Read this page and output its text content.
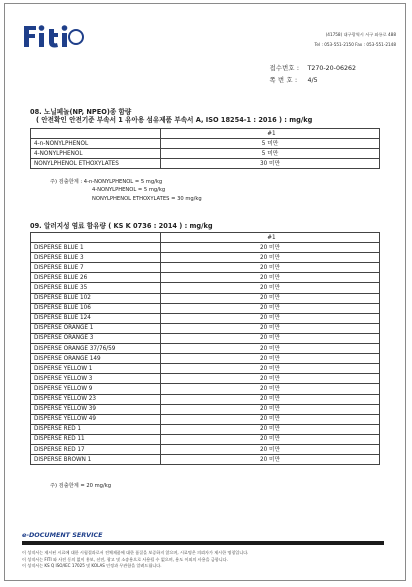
(41758) 대구광역시 서구 와룡로 488
Tel : 053-551-2150 Fax : 053-551-2148
접수번호 :	T270-20-06262
쪽 번 호 :	4/5
08. 노닐페놀(NP, NPEO)종 함량
( 안전확인 안전기준 부속서 1 유아용 섬유제품 부속서 A, ISO 18254-1 : 2016 ) : mg/kg
	#1
4-n-NONYLPHENOL	5 미만
4-NONYLPHENOL	5 미만
NONYLPHENOL ETHOXYLATES	30 미만
주) 검출한계 : 4-n-NONYLPHENOL = 5 mg/kg
4-NONYLPHENOL = 5 mg/kg
NONYLPHENOL ETHOXYLATES = 30 mg/kg
09. 알러지성 염료 함유량 ( KS K 0736 : 2014 ) : mg/kg
	#1
DISPERSE BLUE 1	20 미만
DISPERSE BLUE 3	20 미만
DISPERSE BLUE 7	20 미만
DISPERSE BLUE 26	20 미만
DISPERSE BLUE 35	20 미만
DISPERSE BLUE 102	20 미만
DISPERSE BLUE 106	20 미만
DISPERSE BLUE 124	20 미만
DISPERSE ORANGE 1	20 미만
DISPERSE ORANGE 3	20 미만
DISPERSE ORANGE 37/76/59	20 미만
DISPERSE ORANGE 149	20 미만
DISPERSE YELLOW 1	20 미만
DISPERSE YELLOW 3	20 미만
DISPERSE YELLOW 9	20 미만
DISPERSE YELLOW 23	20 미만
DISPERSE YELLOW 39	20 미만
DISPERSE YELLOW 49	20 미만
DISPERSE RED 1	20 미만
DISPERSE RED 11	20 미만
DISPERSE RED 17	20 미만
DISPERSE BROWN 1	20 미만
주) 검출한계 = 20 mg/kg
e-DOCUMENT SERVICE
이 성적서는 제시된 시료에 대한 시험결과로서 전체제품에 대한 품질을 보증하지 않으며, 시료명은 의뢰자가 제시한 명칭입니다.
이 성적서는 FITI 와 사전 동의 없이 홍보, 선전, 광고 및 소송용으로 사용될 수 없으며, 용도 이외의 사용을 금합니다.
이 성적서는 KS Q ISO/IEC 17025 및 KOLAS 인정과 무관함을 알려드립니다.
